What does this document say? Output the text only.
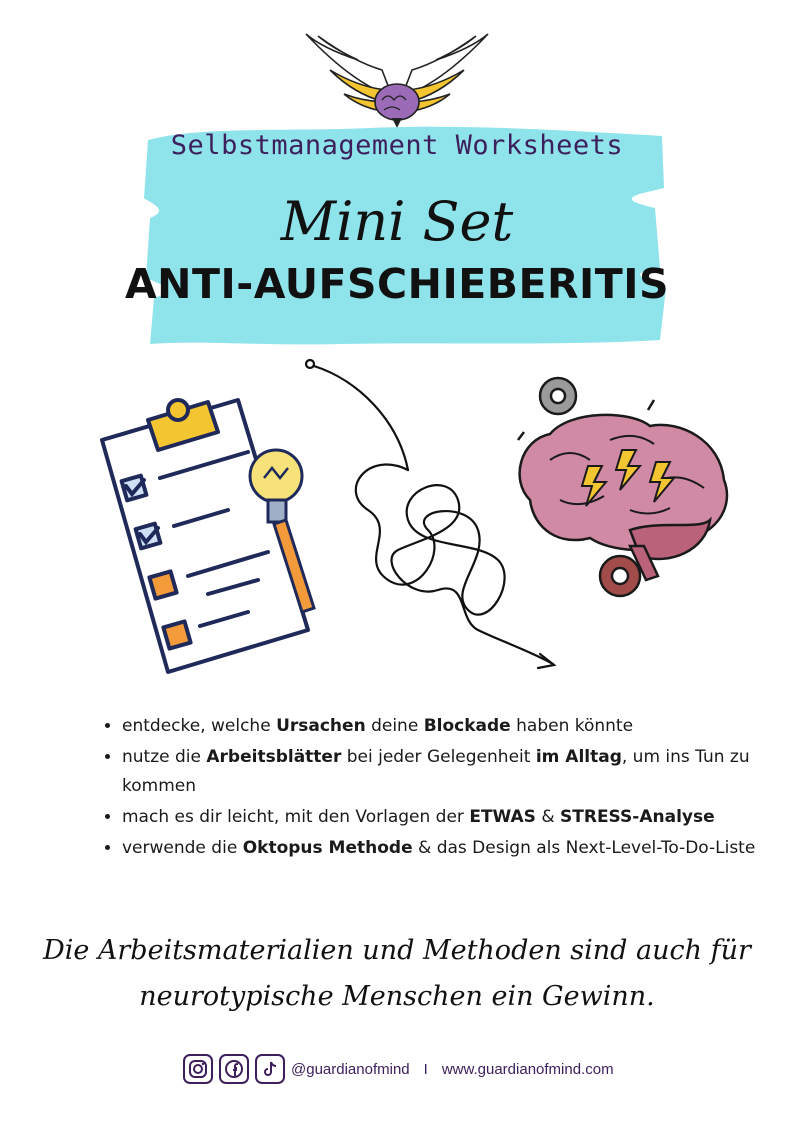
Selbstmanagement Worksheets
Mini Set
ANTI-AUFSCHIEBERITIS
• entdecke, welche Ursachen deine Blockade haben könnte
• nutze die Arbeitsblätter bei jeder Gelegenheit im Alltag, um ins Tun zu kommen
• mach es dir leicht, mit den Vorlagen der ETWAS & STRESS-Analyse
• verwende die Oktopus Methode & das Design als Next-Level-To-Do-Liste
Die Arbeitsmaterialien und Methoden sind auch für
neurotypische Menschen ein Gewinn.
@guardianofmind I www.guardianofmind.com
